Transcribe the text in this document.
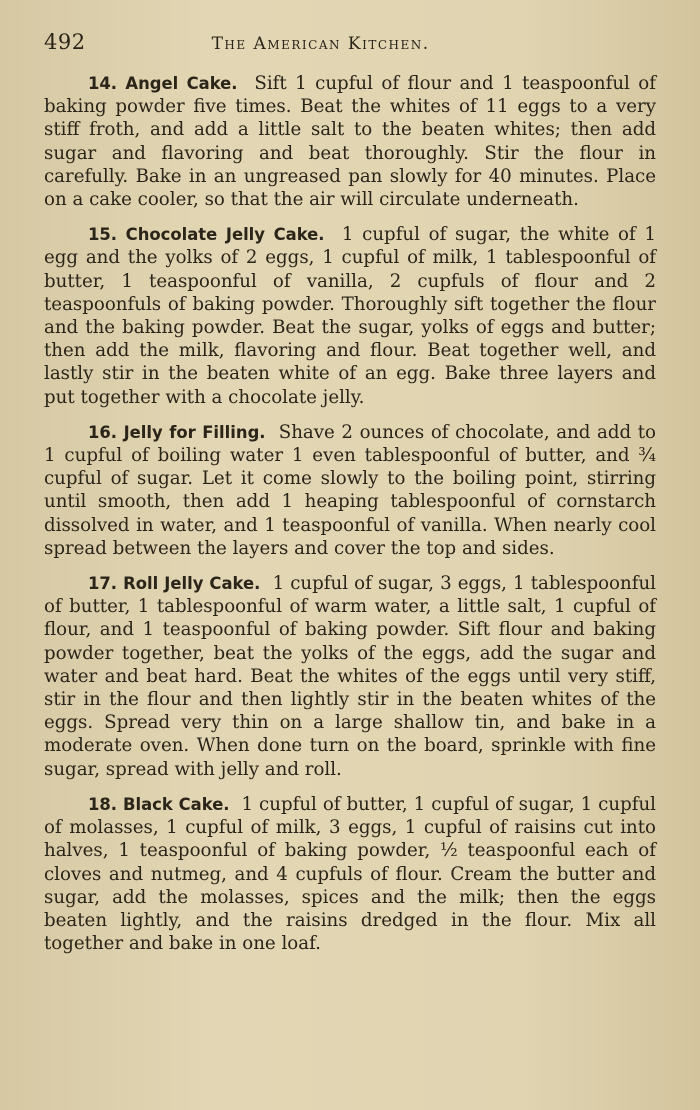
492	The American Kitchen.

14. Angel Cake. Sift 1 cupful of flour and 1 teaspoonful of baking powder five times. Beat the whites of 11 eggs to a very stiff froth, and add a little salt to the beaten whites; then add sugar and flavoring and beat thoroughly. Stir the flour in carefully. Bake in an ungreased pan slowly for 40 minutes. Place on a cake cooler, so that the air will circulate underneath.

15. Chocolate Jelly Cake. 1 cupful of sugar, the white of 1 egg and the yolks of 2 eggs, 1 cupful of milk, 1 tablespoonful of butter, 1 teaspoonful of vanilla, 2 cupfuls of flour and 2 teaspoonfuls of baking powder. Thoroughly sift together the flour and the baking powder. Beat the sugar, yolks of eggs and butter; then add the milk, flavoring and flour. Beat together well, and lastly stir in the beaten white of an egg. Bake three layers and put together with a chocolate jelly.

16. Jelly for Filling. Shave 2 ounces of chocolate, and add to 1 cupful of boiling water 1 even tablespoonful of butter, and ¾ cupful of sugar. Let it come slowly to the boiling point, stirring until smooth, then add 1 heaping tablespoonful of cornstarch dissolved in water, and 1 teaspoonful of vanilla. When nearly cool spread between the layers and cover the top and sides.

17. Roll Jelly Cake. 1 cupful of sugar, 3 eggs, 1 tablespoonful of butter, 1 tablespoonful of warm water, a little salt, 1 cupful of flour, and 1 teaspoonful of baking powder. Sift flour and baking powder together, beat the yolks of the eggs, add the sugar and water and beat hard. Beat the whites of the eggs until very stiff, stir in the flour and then lightly stir in the beaten whites of the eggs. Spread very thin on a large shallow tin, and bake in a moderate oven. When done turn on the board, sprinkle with fine sugar, spread with jelly and roll.

18. Black Cake. 1 cupful of butter, 1 cupful of sugar, 1 cupful of molasses, 1 cupful of milk, 3 eggs, 1 cupful of raisins cut into halves, 1 teaspoonful of baking powder, ½ teaspoonful each of cloves and nutmeg, and 4 cupfuls of flour. Cream the butter and sugar, add the molasses, spices and the milk; then the eggs beaten lightly, and the raisins dredged in the flour. Mix all together and bake in one loaf.
